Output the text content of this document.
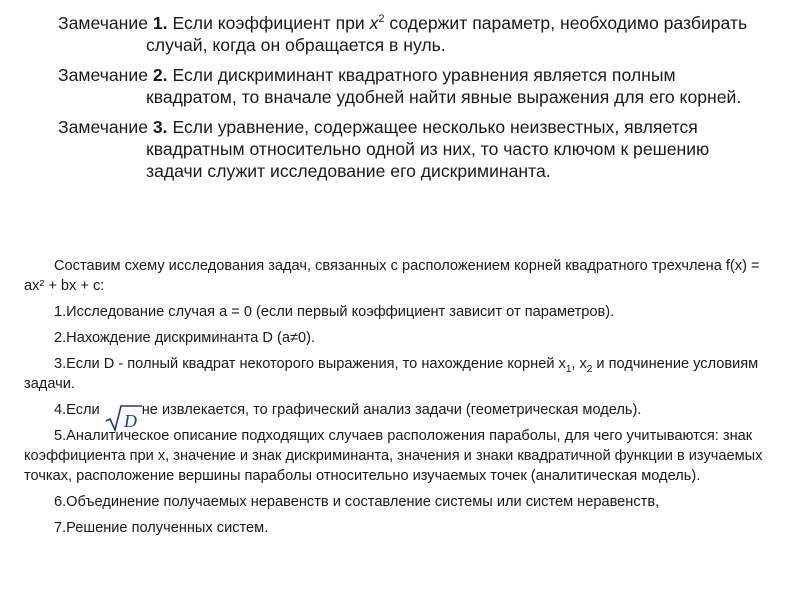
Замечание 1. Если коэффициент при $x^2$ содержит параметр, необходимо разбирать случай, когда он обращается в нуль.

Замечание 2. Если дискриминант квадратного уравнения является полным квадратом, то вначале удобней найти явные выражения для его корней.

Замечание 3. Если уравнение, содержащее несколько неизвестных, является квадратным относительно одной из них, то часто ключом к решению задачи служит исследование его дискриминанта.

Составим схему исследования задач, связанных с расположением корней квадратного трехчлена f(x) = ax² + bx + c:

1.Исследование случая a = 0 (если первый коэффициент зависит от параметров).

2.Нахождение дискриминанта D (a≠0).

3.Если D - полный квадрат некоторого выражения, то нахождение корней $x_1$, $x_2$ и подчинение условиям задачи.

4.Если	не извлекается, то графический анализ задачи (геометрическая модель).

5.Аналитическое описание подходящих случаев расположения параболы, для чего учитываются: знак коэффициента при x, значение и знак дискриминанта, значения и знаки квадратичной функции в изучаемых точках, расположение вершины параболы относительно изучаемых точек (аналитическая модель).

6.Объединение получаемых неравенств и составление системы или систем неравенств,

7.Решение полученных систем.

D
